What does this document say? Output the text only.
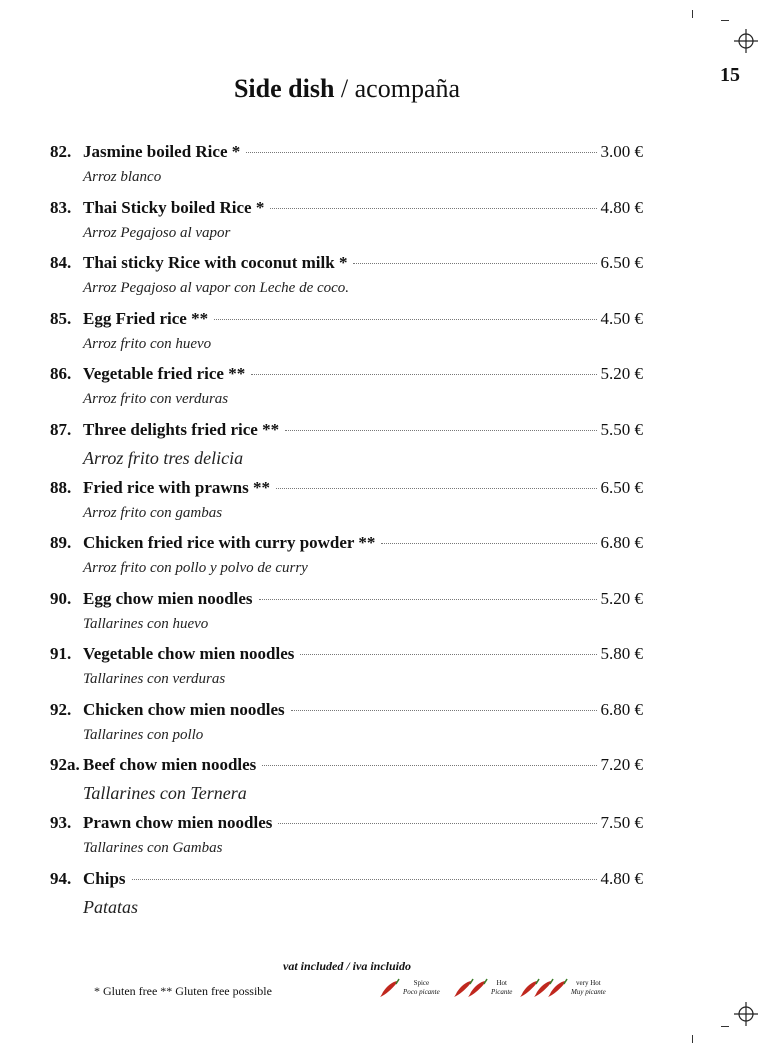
15
Side dish / acompaña
82. Jasmine boiled Rice *	3.00 €
Arroz blanco
83. Thai Sticky boiled Rice *	4.80 €
Arroz Pegajoso al vapor
84. Thai sticky Rice with coconut milk *	6.50 €
Arroz Pegajoso al vapor con Leche de coco.
85. Egg Fried rice **	4.50 €
Arroz frito con huevo
86. Vegetable fried rice **	5.20 €
Arroz frito con verduras
87. Three delights fried rice **	5.50 €
Arroz frito tres delicia
88. Fried rice with prawns **	6.50 €
Arroz frito con gambas
89. Chicken fried rice with curry powder **	6.80 €
Arroz frito con pollo y polvo de curry
90. Egg chow mien noodles	5.20 €
Tallarines con huevo
91. Vegetable chow mien noodles	5.80 €
Tallarines con verduras
92. Chicken chow mien noodles	6.80 €
Tallarines con pollo
92a. Beef chow mien noodles	7.20 €
Tallarines con Ternera
93. Prawn chow mien noodles	7.50 €
Tallarines con Gambas
94. Chips	4.80 €
Patatas
vat included / iva incluido
* Gluten free ** Gluten free possible
Spice
Poco picante
Hot
Picante
very Hot
Muy picante
